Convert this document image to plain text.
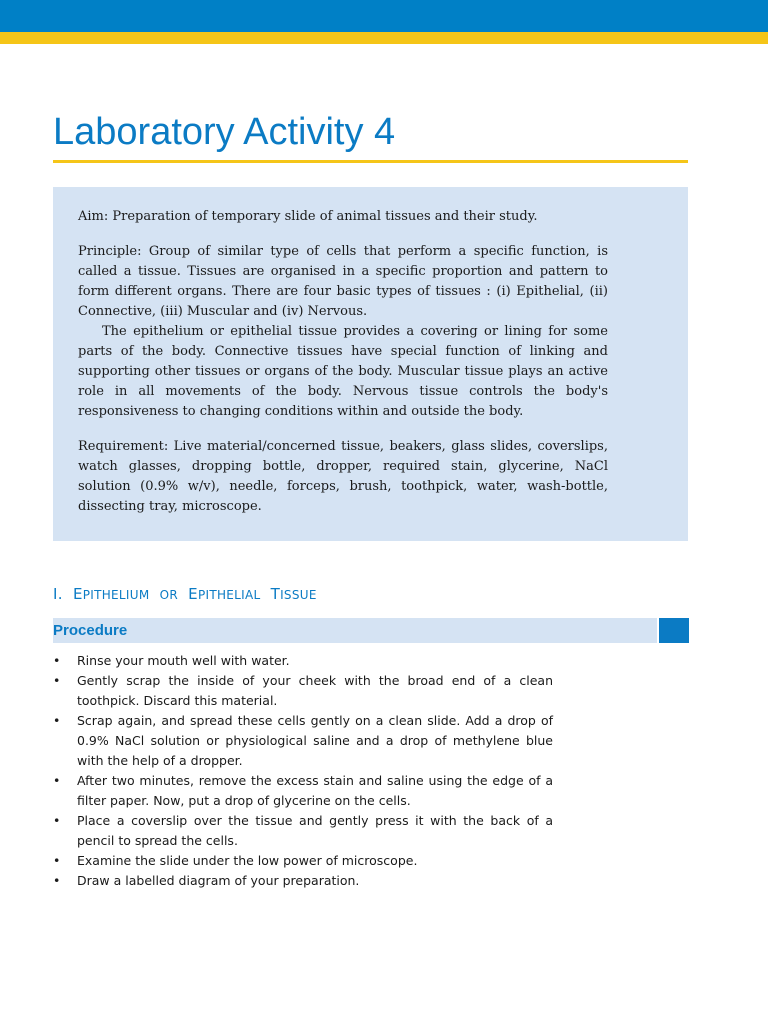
Laboratory Activity 4

Aim: Preparation of temporary slide of animal tissues and their study.

Principle: Group of similar type of cells that perform a specific function, is called a tissue. Tissues are organised in a specific proportion and pattern to form different organs. There are four basic types of tissues : (i) Epithelial, (ii) Connective, (iii) Muscular and (iv) Nervous.

The epithelium or epithelial tissue provides a covering or lining for some parts of the body. Connective tissues have special function of linking and supporting other tissues or organs of the body. Muscular tissue plays an active role in all movements of the body. Nervous tissue controls the body's responsiveness to changing conditions within and outside the body.

Requirement: Live material/concerned tissue, beakers, glass slides, coverslips, watch glasses, dropping bottle, dropper, required stain, glycerine, NaCl solution (0.9% w/v), needle, forceps, brush, toothpick, water, wash-bottle, dissecting tray, microscope.

I. EPITHELIUM OR EPITHELIAL TISSUE
Procedure
• Rinse your mouth well with water.
• Gently scrap the inside of your cheek with the broad end of a clean toothpick. Discard this material.
• Scrap again, and spread these cells gently on a clean slide. Add a drop of 0.9% NaCl solution or physiological saline and a drop of methylene blue with the help of a dropper.
• After two minutes, remove the excess stain and saline using the edge of a filter paper. Now, put a drop of glycerine on the cells.
• Place a coverslip over the tissue and gently press it with the back of a pencil to spread the cells.
• Examine the slide under the low power of microscope.
• Draw a labelled diagram of your preparation.
